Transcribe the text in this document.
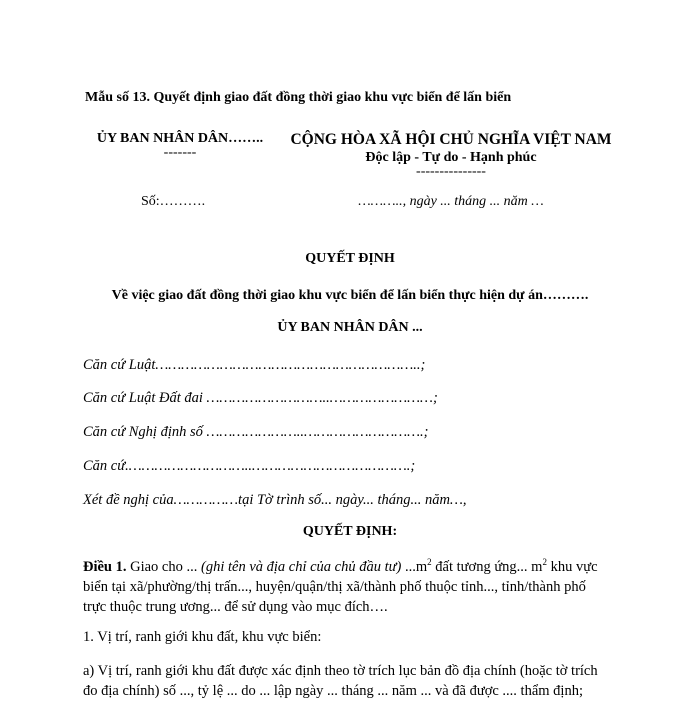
Mẫu số 13. Quyết định giao đất đồng thời giao khu vực biển để lấn biển
ỦY BAN NHÂN DÂN……..
-------
CỘNG HÒA XÃ HỘI CHỦ NGHĨA VIỆT NAM
Độc lập - Tự do - Hạnh phúc
---------------
Số:……….	……….., ngày ... tháng ... năm …
QUYẾT ĐỊNH
Về việc giao đất đồng thời giao khu vực biển để lấn biển thực hiện dự án……….
ỦY BAN NHÂN DÂN ...
Căn cứ Luật……………………………………………………..;
Căn cứ Luật Đất đai ………………………..……………………;
Căn cứ Nghị định số …………………..……………………….;
Căn cứ.………………………..……………………………….;
Xét đề nghị của……………tại Tờ trình số... ngày... tháng... năm…,
QUYẾT ĐỊNH:
Điều 1. Giao cho ... (ghi tên và địa chỉ của chủ đầu tư) $...m^2$ đất tương ứng... $m^2$ khu vực
biển tại xã/phường/thị trấn..., huyện/quận/thị xã/thành phố thuộc tỉnh..., tỉnh/thành phố
trực thuộc trung ương... để sử dụng vào mục đích….
1. Vị trí, ranh giới khu đất, khu vực biển:
a) Vị trí, ranh giới khu đất được xác định theo tờ trích lục bản đồ địa chính (hoặc tờ trích
đo địa chính) số ..., tỷ lệ ... do ... lập ngày ... tháng ... năm ... và đã được .... thẩm định;
